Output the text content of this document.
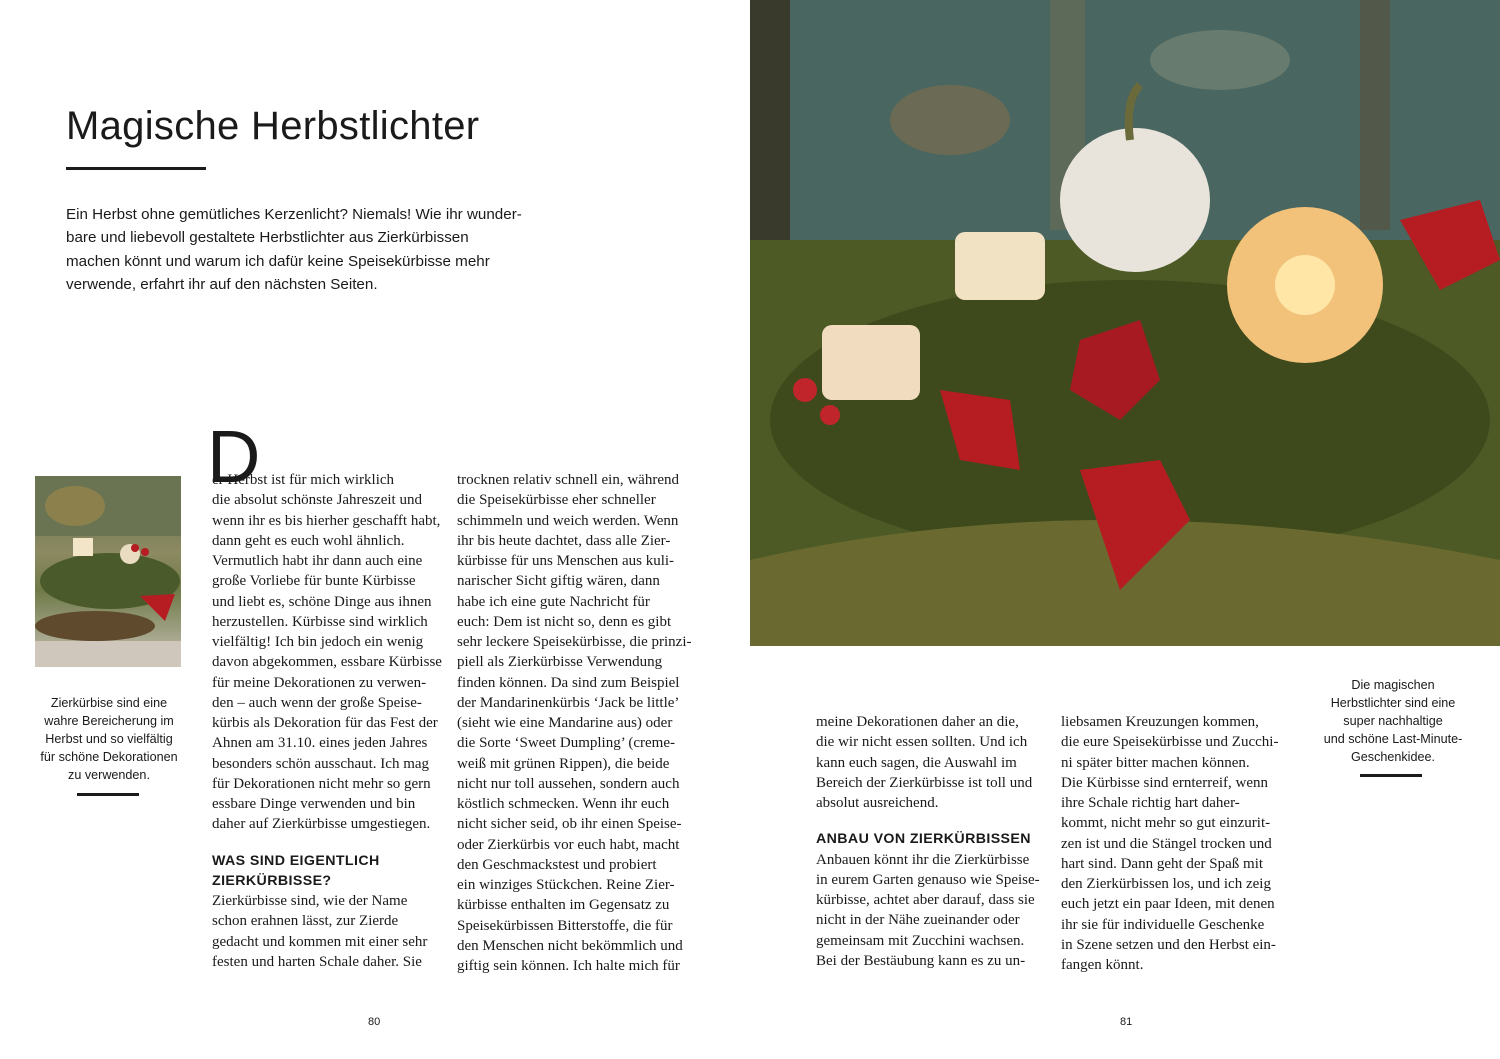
Magische Herbstlichter
Ein Herbst ohne gemütliches Kerzenlicht? Niemals! Wie ihr wunder-
bare und liebevoll gestaltete Herbstlichter aus Zierkürbissen
machen könnt und warum ich dafür keine Speisekürbisse mehr
verwende, erfahrt ihr auf den nächsten Seiten.
Zierkürbise sind eine
wahre Bereicherung im
Herbst und so vielfältig
für schöne Dekorationen
zu verwenden.
D
er Herbst ist für mich wirklich
die absolut schönste Jahreszeit und
wenn ihr es bis hierher geschafft habt,
dann geht es euch wohl ähnlich.
Vermutlich habt ihr dann auch eine
große Vorliebe für bunte Kürbisse
und liebt es, schöne Dinge aus ihnen
herzustellen. Kürbisse sind wirklich
vielfältig! Ich bin jedoch ein wenig
davon abgekommen, essbare Kürbisse
für meine Dekorationen zu verwen-
den – auch wenn der große Speise-
kürbis als Dekoration für das Fest der
Ahnen am 31.10. eines jeden Jahres
besonders schön ausschaut. Ich mag
für Dekorationen nicht mehr so gern
essbare Dinge verwenden und bin
daher auf Zierkürbisse umgestiegen.
WAS SIND EIGENTLICH
ZIERKÜRBISSE?
Zierkürbisse sind, wie der Name
schon erahnen lässt, zur Zierde
gedacht und kommen mit einer sehr
festen und harten Schale daher. Sie
trocknen relativ schnell ein, während
die Speisekürbisse eher schneller
schimmeln und weich werden. Wenn
ihr bis heute dachtet, dass alle Zier-
kürbisse für uns Menschen aus kuli-
narischer Sicht giftig wären, dann
habe ich eine gute Nachricht für
euch: Dem ist nicht so, denn es gibt
sehr leckere Speisekürbisse, die prinzi-
piell als Zierkürbisse Verwendung
finden können. Da sind zum Beispiel
der Mandarinenkürbis ‘Jack be little’
(sieht wie eine Mandarine aus) oder
die Sorte ‘Sweet Dumpling’ (creme-
weiß mit grünen Rippen), die beide
nicht nur toll aussehen, sondern auch
köstlich schmecken. Wenn ihr euch
nicht sicher seid, ob ihr einen Speise-
oder Zierkürbis vor euch habt, macht
den Geschmackstest und probiert
ein winziges Stückchen. Reine Zier-
kürbisse enthalten im Gegensatz zu
Speisekürbissen Bitterstoffe, die für
den Menschen nicht bekömmlich und
giftig sein können. Ich halte mich für
80
meine Dekorationen daher an die,
die wir nicht essen sollten. Und ich
kann euch sagen, die Auswahl im
Bereich der Zierkürbisse ist toll und
absolut ausreichend.
ANBAU VON ZIERKÜRBISSEN
Anbauen könnt ihr die Zierkürbisse
in eurem Garten genauso wie Speise-
kürbisse, achtet aber darauf, dass sie
nicht in der Nähe zueinander oder
gemeinsam mit Zucchini wachsen.
Bei der Bestäubung kann es zu un-
liebsamen Kreuzungen kommen,
die eure Speisekürbisse und Zucchi-
ni später bitter machen können.
Die Kürbisse sind ernterreif, wenn
ihre Schale richtig hart daher-
kommt, nicht mehr so gut einzurit-
zen ist und die Stängel trocken und
hart sind. Dann geht der Spaß mit
den Zierkürbissen los, und ich zeig
euch jetzt ein paar Ideen, mit denen
ihr sie für individuelle Geschenke
in Szene setzen und den Herbst ein-
fangen könnt.
Die magischen
Herbstlichter sind eine
super nachhaltige
und schöne Last-Minute-
Geschenkidee.
81
